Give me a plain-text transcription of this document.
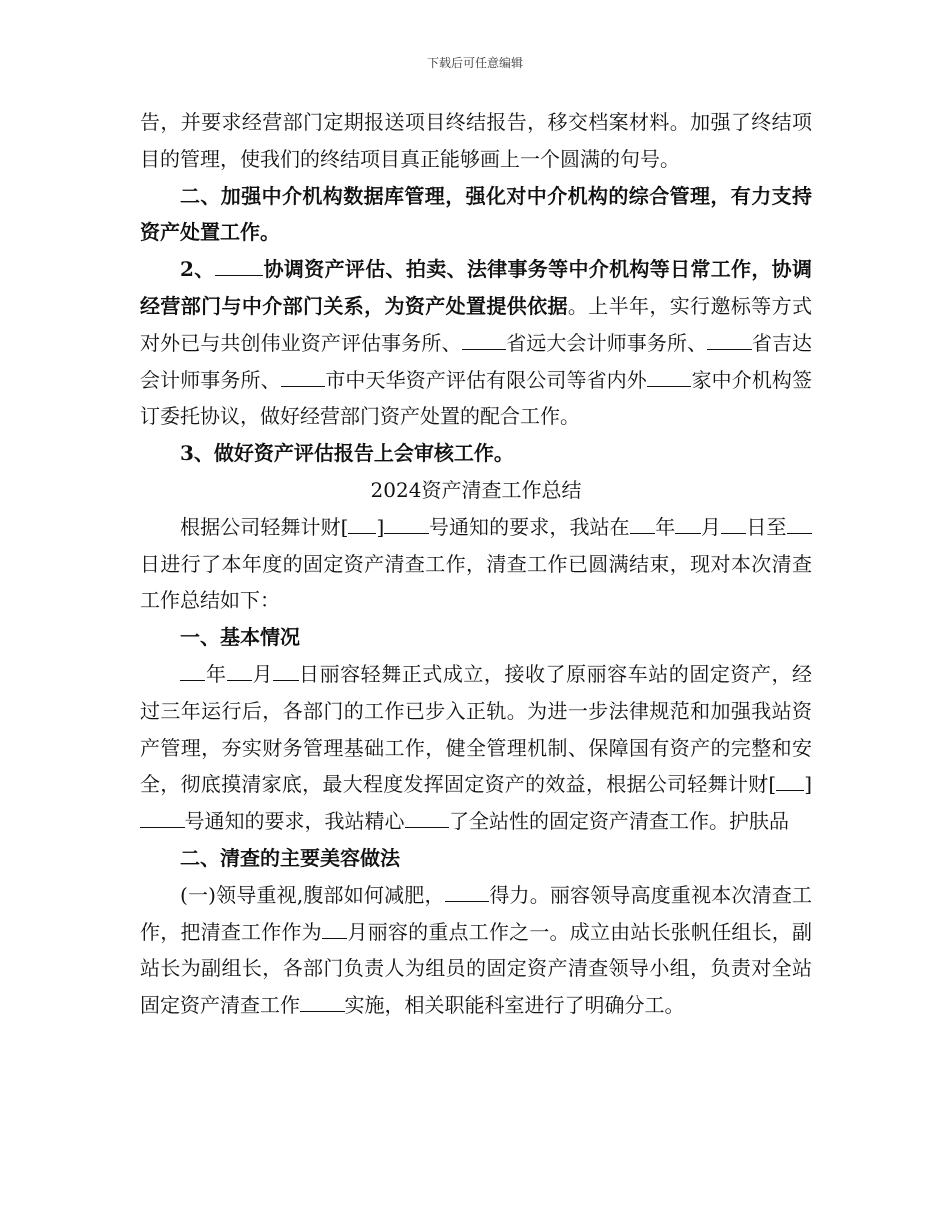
下载后可任意编辑

告，并要求经营部门定期报送项目终结报告，移交档案材料。加强了终结项目的管理，使我们的终结项目真正能够画上一个圆满的句号。

二、加强中介机构数据库管理，强化对中介机构的综合管理，有力支持资产处置工作。

2、 协调资产评估、拍卖、法律事务等中介机构等日常工作，协调经营部门与中介部门关系，为资产处置提供依据。上半年，实行邀标等方式对外已与共创伟业资产评估事务所、 省远大会计师事务所、 省吉达会计师事务所、 市中天华资产评估有限公司等省内外 家中介机构签订委托协议，做好经营部门资产处置的配合工作。

3、做好资产评估报告上会审核工作。

2024资产清查工作总结

根据公司轻舞计财[ ] 号通知的要求，我站在 年 月 日至日进行了本年度的固定资产清查工作，清查工作已圆满结束，现对本次清查工作总结如下：

一、基本情况

年 月 日丽容轻舞正式成立，接收了原丽容车站的固定资产，经过三年运行后，各部门的工作已步入正轨。为进一步法律规范和加强我站资产管理，夯实财务管理基础工作，健全管理机制、保障国有资产的完整和安全，彻底摸清家底，最大程度发挥固定资产的效益，根据公司轻舞计财[ ]号通知的要求，我站精心 了全站性的固定资产清查工作。护肤品

二、清查的主要美容做法

(一)领导重视,腹部如何减肥， 得力。丽容领导高度重视本次清查工作，把清查工作作为 月丽容的重点工作之一。成立由站长张帆任组长，副站长为副组长，各部门负责人为组员的固定资产清查领导小组，负责对全站固定资产清查工作 实施，相关职能科室进行了明确分工。
